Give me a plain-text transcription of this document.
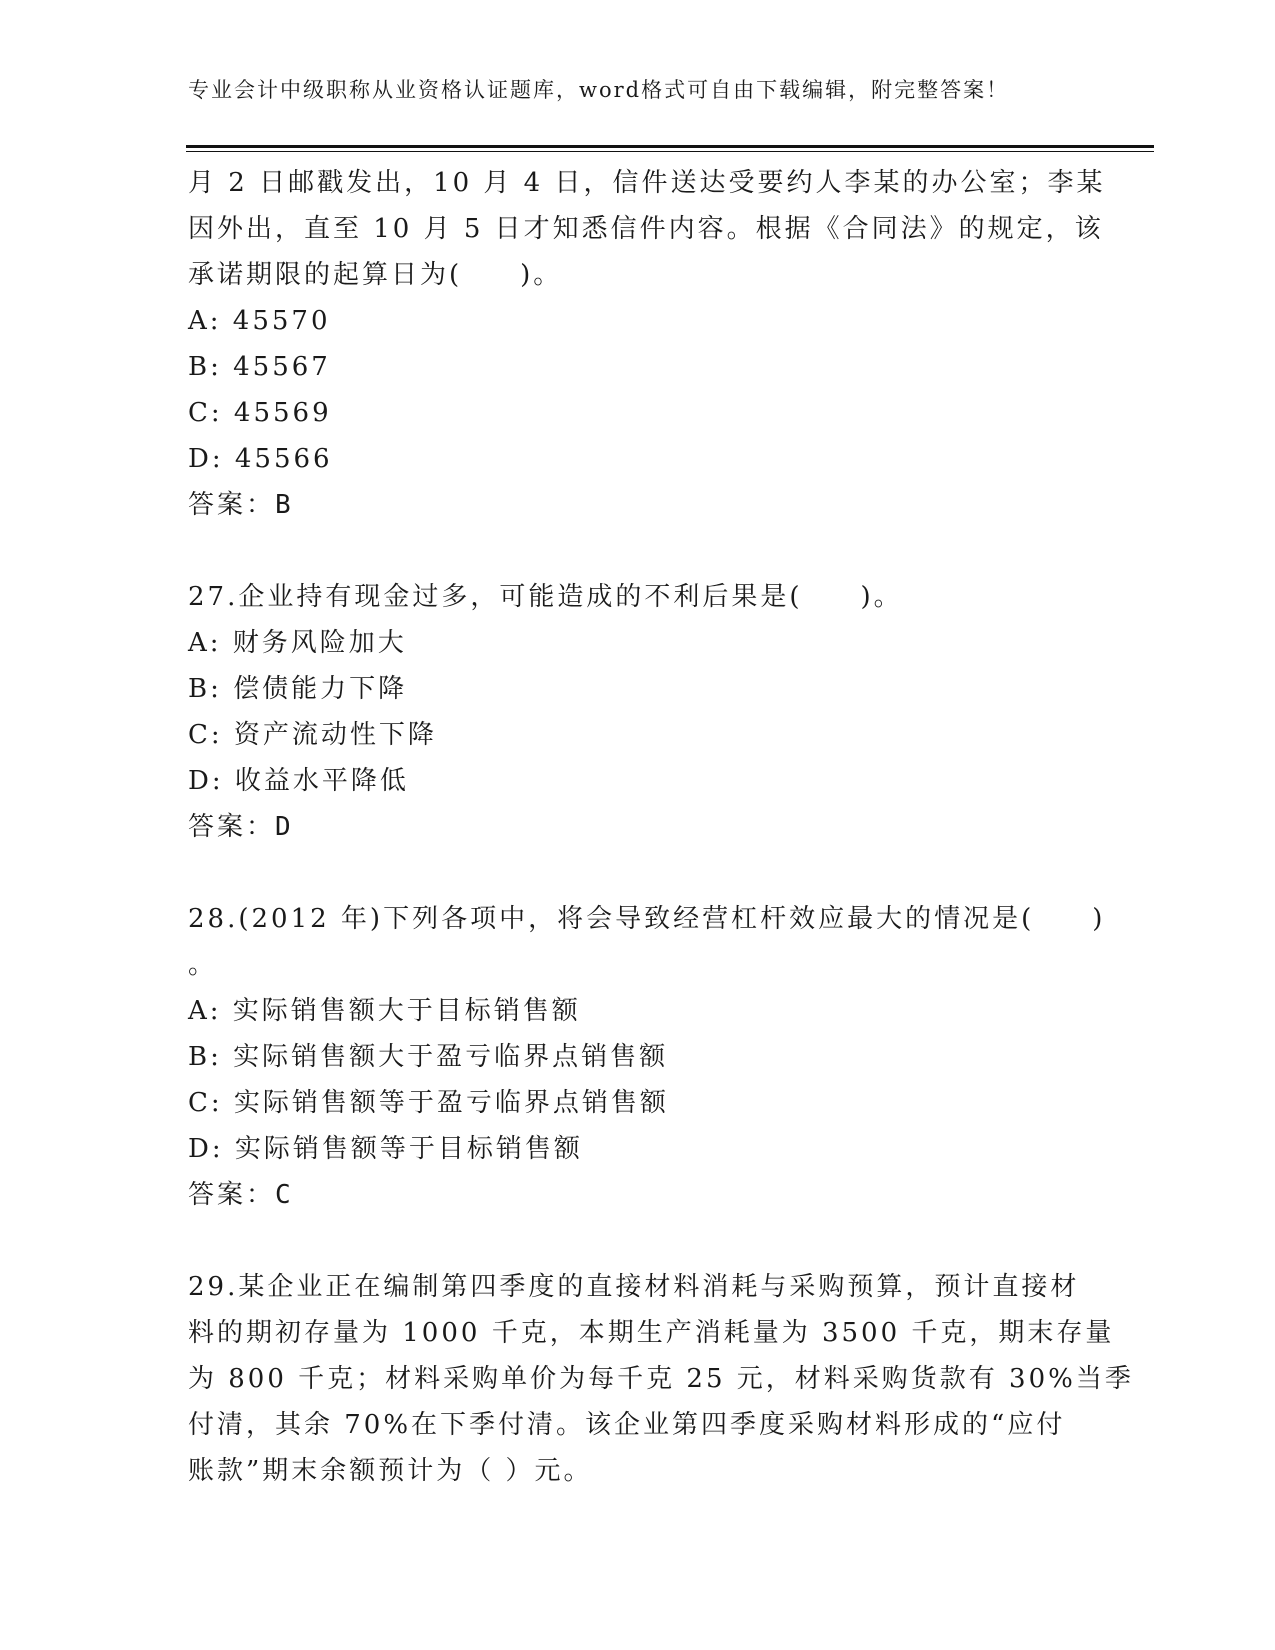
专业会计中级职称从业资格认证题库，word格式可自由下载编辑，附完整答案！
月 2 日邮戳发出，10 月 4 日，信件送达受要约人李某的办公室；李某
因外出，直至 10 月 5 日才知悉信件内容。根据《合同法》的规定，该
承诺期限的起算日为(　　)。
A: 45570
B: 45567
C: 45569
D: 45566
答案：B
27.企业持有现金过多，可能造成的不利后果是(　　)。
A: 财务风险加大
B: 偿债能力下降
C: 资产流动性下降
D: 收益水平降低
答案：D
28.(2012 年)下列各项中，将会导致经营杠杆效应最大的情况是(　　)
。
A: 实际销售额大于目标销售额
B: 实际销售额大于盈亏临界点销售额
C: 实际销售额等于盈亏临界点销售额
D: 实际销售额等于目标销售额
答案：C
29.某企业正在编制第四季度的直接材料消耗与采购预算，预计直接材
料的期初存量为 1000 千克，本期生产消耗量为 3500 千克，期末存量
为 800 千克；材料采购单价为每千克 25 元，材料采购货款有 30%当季
付清，其余 70%在下季付清。该企业第四季度采购材料形成的“应付
账款”期末余额预计为（ ）元。
